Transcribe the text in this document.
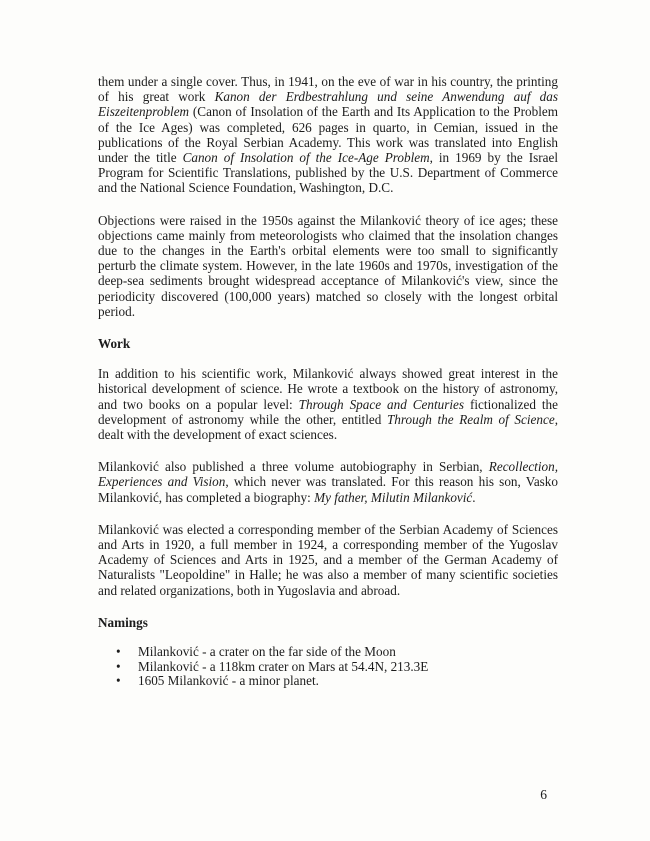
them under a single cover. Thus, in 1941, on the eve of war in his country, the printing of his great work Kanon der Erdbestrahlung und seine Anwendung auf das Eiszeitenproblem (Canon of Insolation of the Earth and Its Application to the Problem of the Ice Ages) was completed, 626 pages in quarto, in Cemian, issued in the publications of the Royal Serbian Academy. This work was translated into English under the title Canon of Insolation of the Ice-Age Problem, in 1969 by the Israel Program for Scientific Translations, published by the U.S. Department of Commerce and the National Science Foundation, Washington, D.C.

Objections were raised in the 1950s against the Milanković theory of ice ages; these objections came mainly from meteorologists who claimed that the insolation changes due to the changes in the Earth's orbital elements were too small to significantly perturb the climate system. However, in the late 1960s and 1970s, investigation of the deep-sea sediments brought widespread acceptance of Milanković's view, since the periodicity discovered (100,000 years) matched so closely with the longest orbital period.

Work

In addition to his scientific work, Milanković always showed great interest in the historical development of science. He wrote a textbook on the history of astronomy, and two books on a popular level: Through Space and Centuries fictionalized the development of astronomy while the other, entitled Through the Realm of Science, dealt with the development of exact sciences.

Milanković also published a three volume autobiography in Serbian, Recollection, Experiences and Vision, which never was translated. For this reason his son, Vasko Milanković, has completed a biography: My father, Milutin Milanković.

Milanković was elected a corresponding member of the Serbian Academy of Sciences and Arts in 1920, a full member in 1924, a corresponding member of the Yugoslav Academy of Sciences and Arts in 1925, and a member of the German Academy of Naturalists "Leopoldine" in Halle; he was also a member of many scientific societies and related organizations, both in Yugoslavia and abroad.

Namings
• Milanković - a crater on the far side of the Moon
• Milanković - a 118km crater on Mars at 54.4N, 213.3E
• 1605 Milanković - a minor planet.
6
